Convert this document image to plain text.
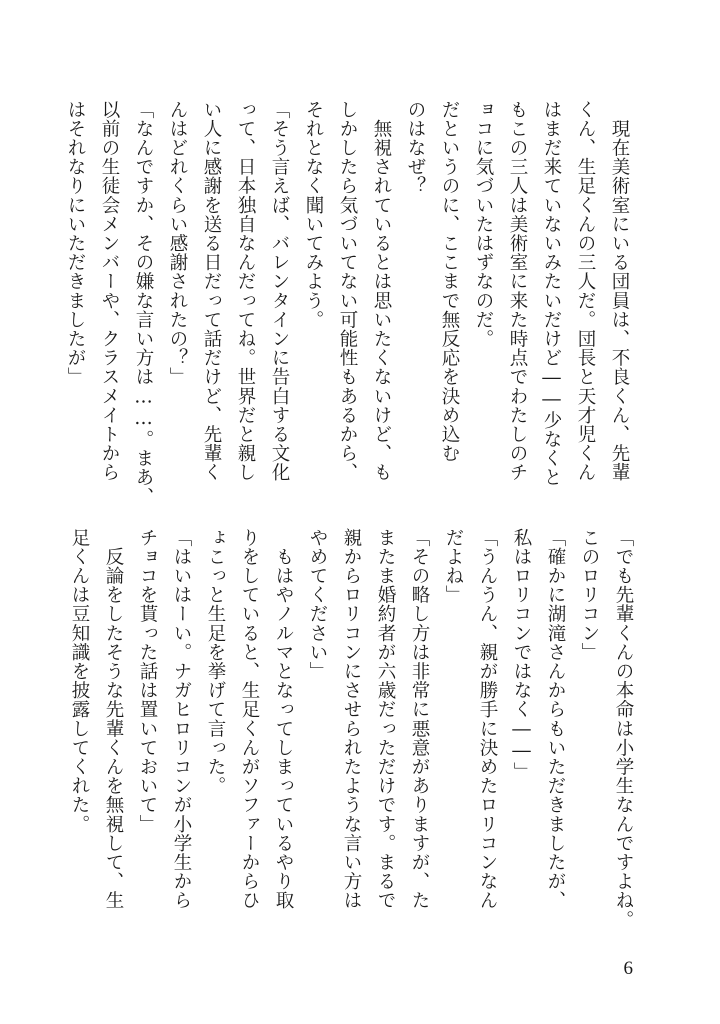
　現在美術室にいる団員は、不良くん、先輩
くん、生足くんの三人だ。団長と天才児くん
はまだ来ていないみたいだけど――少なくと
もこの三人は美術室に来た時点でわたしのチ
ョコに気づいたはずなのだ。
だというのに、ここまで無反応を決め込む
のはなぜ？
　無視されているとは思いたくないけど、も
しかしたら気づいてない可能性もあるから、
それとなく聞いてみよう。
「そう言えば、バレンタインに告白する文化
って、日本独自なんだってね。世界だと親し
い人に感謝を送る日だって話だけど、先輩く
んはどれくらい感謝されたの？」
「なんですか、その嫌な言い方は……。まあ、
以前の生徒会メンバーや、クラスメイトから
はそれなりにいただきましたが」
「でも先輩くんの本命は小学生なんですよね。
このロリコン」
「確かに湖滝さんからもいただきましたが、
私はロリコンではなく――」
「うんうん、親が勝手に決めたロリコンなん
だよね」
「その略し方は非常に悪意がありますが、た
またま婚約者が六歳だっただけです。まるで
親からロリコンにさせられたような言い方は
やめてください」
　もはやノルマとなってしまっているやり取
りをしていると、生足くんがソファーからひ
ょこっと生足を挙げて言った。
「はいはーい。ナガヒロリコンが小学生から
チョコを貰った話は置いておいて」
　反論をしたそうな先輩くんを無視して、生
足くんは豆知識を披露してくれた。
6
